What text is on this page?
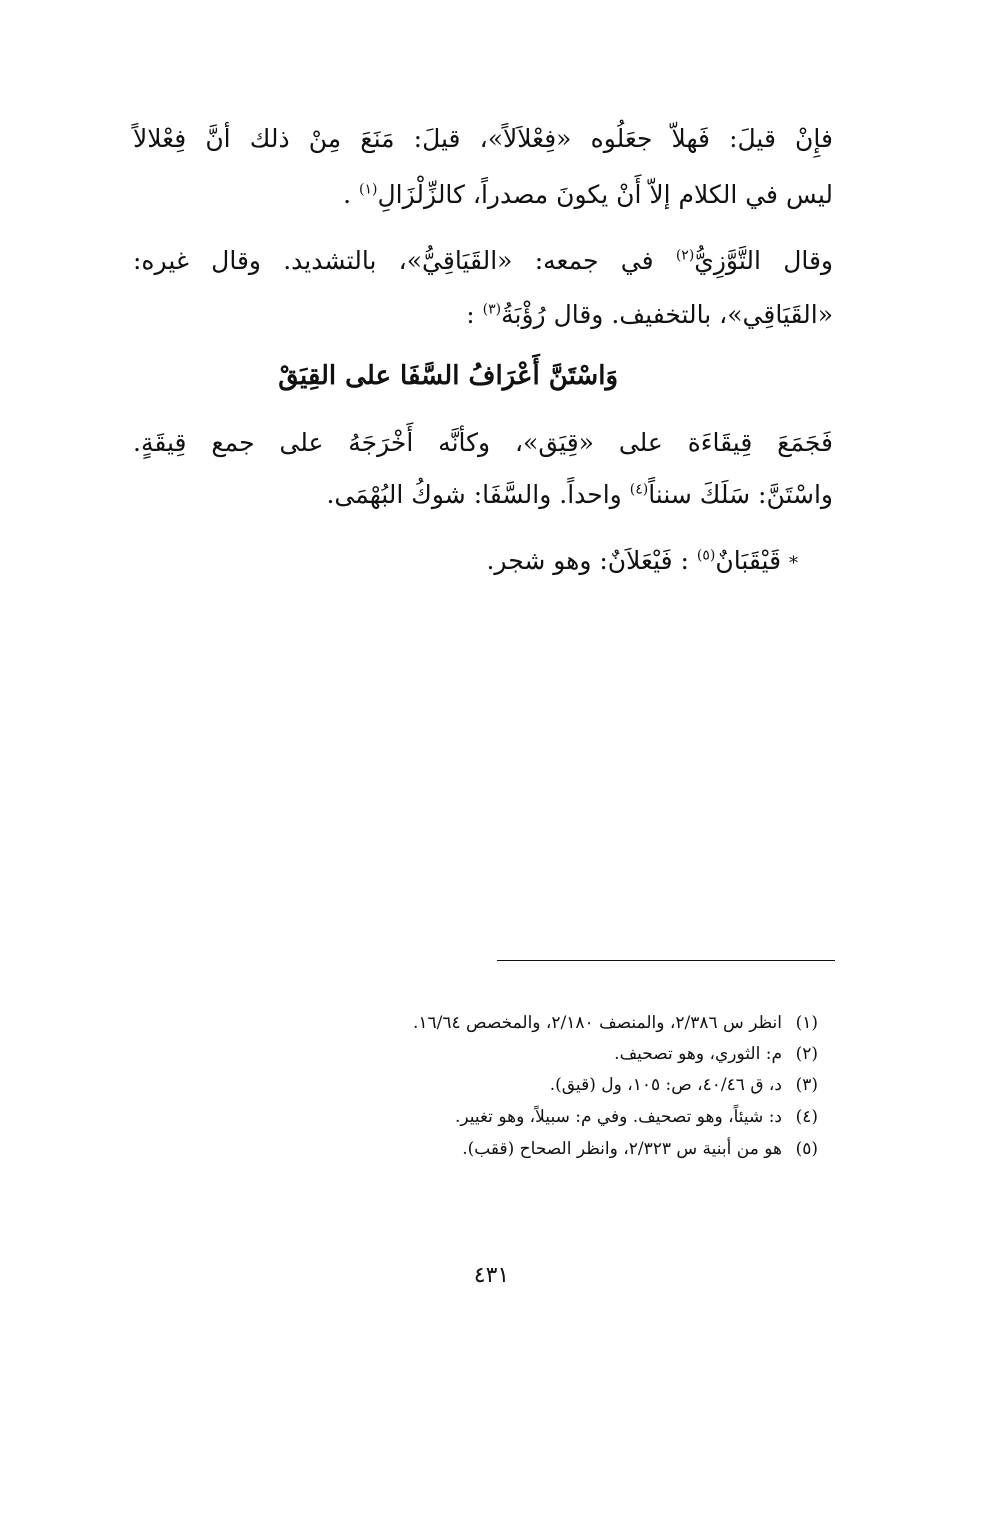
فإِنْ قيلَ: فَهلاّ جعَلُوه «فِعْلاَلاً»، قيلَ: مَنَعَ مِنْ ذلك أنَّ فِعْلالاً
ليس في الكلام إلاّ أَنْ يكونَ مصدراً، كالزِّلْزَالِ$^{(١)}$ .
وقال التَّوَّزِيُّ$^{(٢)}$ في جمعه: «القَيَاقِيُّ»، بالتشديد. وقال غيره:
«القَيَاقِي»، بالتخفيف. وقال رُؤْبَةُ$^{(٣)}$ :
وَاسْتَنَّ أَعْرَافُ السَّفَا على القِيَقْ
فَجَمَعَ قِيقَاءَة على «قِيَق»، وكأنَّه أَخْرَجَهُ على جمع قِيقَةٍ.
واسْتَنَّ: سَلَكَ سنناً$^{(٤)}$ واحداً. والسَّفَا: شوكُ البُهْمَى.
* قَيْقَبَانٌ$^{(٥)}$ : فَيْعَلاَنٌ: وهو شجر.
(١)انظر س ٢/٣٨٦، والمنصف ٢/١٨٠، والمخصص ١٦/٦٤.
(٢)م: الثوري، وهو تصحيف.
(٣)د، ق ٤٠/٤٦، ص: ١٠٥، ول (قيق).
(٤)د: شيئاً، وهو تصحيف. وفي م: سبيلاً، وهو تغيير.
(٥)هو من أبنية س ٢/٣٢٣، وانظر الصحاح (ققب).
٤٣١
